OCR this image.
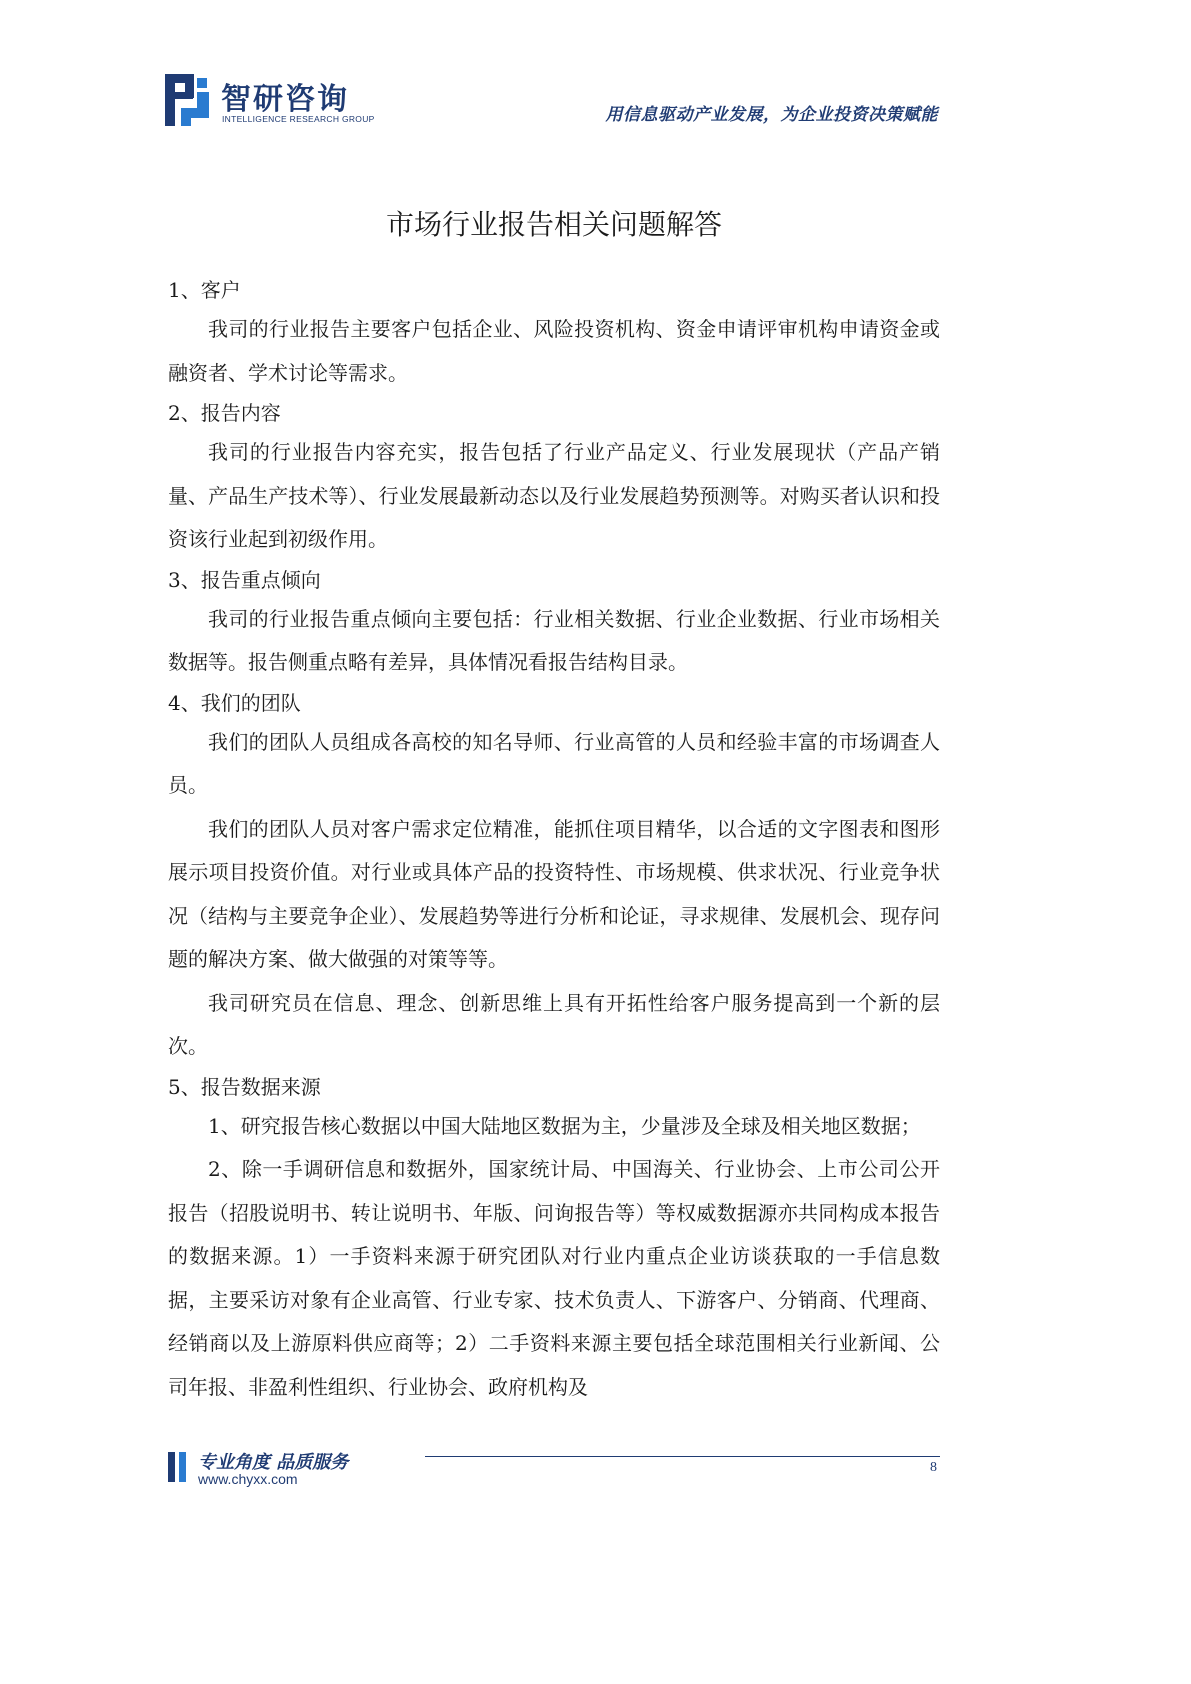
智研咨询
INTELLIGENCE RESEARCH GROUP	用信息驱动产业发展，为企业投资决策赋能
市场行业报告相关问题解答

1、客户

我司的行业报告主要客户包括企业、风险投资机构、资金申请评审机构申请资金或融资者、学术讨论等需求。

2、报告内容

我司的行业报告内容充实，报告包括了行业产品定义、行业发展现状（产品产销量、产品生产技术等）、行业发展最新动态以及行业发展趋势预测等。对购买者认识和投资该行业起到初级作用。

3、报告重点倾向

我司的行业报告重点倾向主要包括：行业相关数据、行业企业数据、行业市场相关数据等。报告侧重点略有差异，具体情况看报告结构目录。

4、我们的团队

我们的团队人员组成各高校的知名导师、行业高管的人员和经验丰富的市场调查人员。

我们的团队人员对客户需求定位精准，能抓住项目精华，以合适的文字图表和图形展示项目投资价值。对行业或具体产品的投资特性、市场规模、供求状况、行业竞争状况（结构与主要竞争企业）、发展趋势等进行分析和论证，寻求规律、发展机会、现存问题的解决方案、做大做强的对策等等。

我司研究员在信息、理念、创新思维上具有开拓性给客户服务提高到一个新的层次。

5、报告数据来源

1、研究报告核心数据以中国大陆地区数据为主，少量涉及全球及相关地区数据；

2、除一手调研信息和数据外，国家统计局、中国海关、行业协会、上市公司公开报告（招股说明书、转让说明书、年版、问询报告等）等权威数据源亦共同构成本报告的数据来源。1）一手资料来源于研究团队对行业内重点企业访谈获取的一手信息数据，主要采访对象有企业高管、行业专家、技术负责人、下游客户、分销商、代理商、经销商以及上游原料供应商等；2）二手资料来源主要包括全球范围相关行业新闻、公司年报、非盈利性组织、行业协会、政府机构及

专业角度 品质服务
www.chyxx.com
8
